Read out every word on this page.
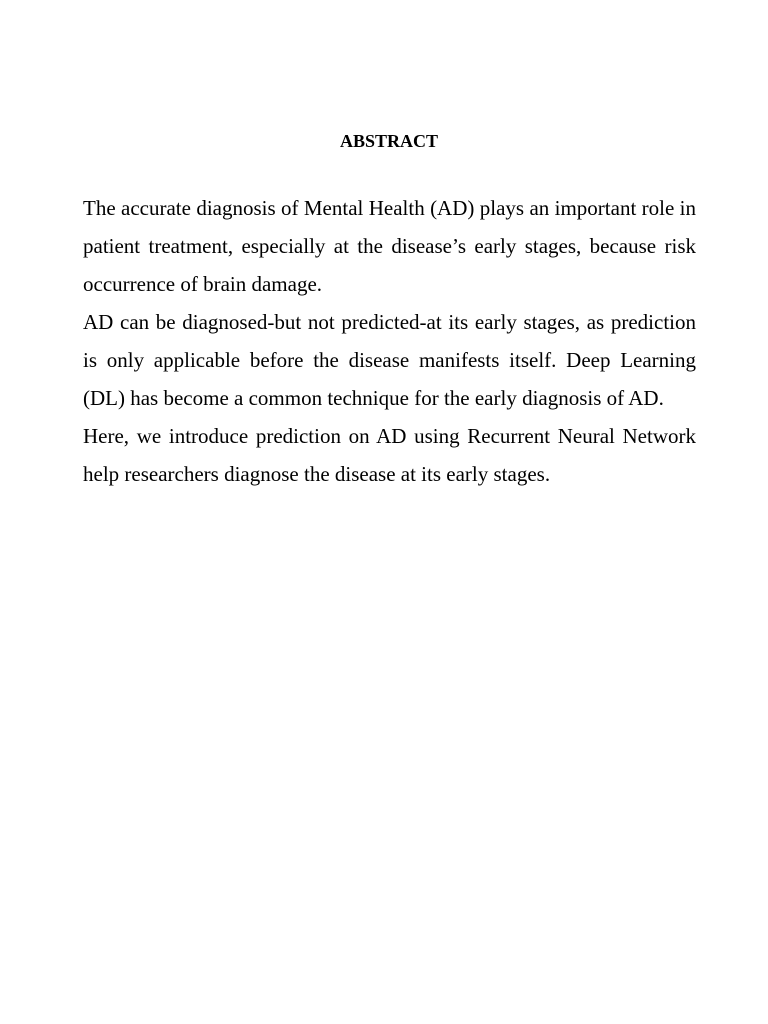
ABSTRACT

The accurate diagnosis of Mental Health (AD) plays an important role in patient treatment, especially at the disease’s early stages, because risk occurrence of brain damage.

AD can be diagnosed-but not predicted-at its early stages, as prediction is only applicable before the disease manifests itself. Deep Learning (DL) has become a common technique for the early diagnosis of AD.

Here, we introduce prediction on AD using Recurrent Neural Network help researchers diagnose the disease at its early stages.
